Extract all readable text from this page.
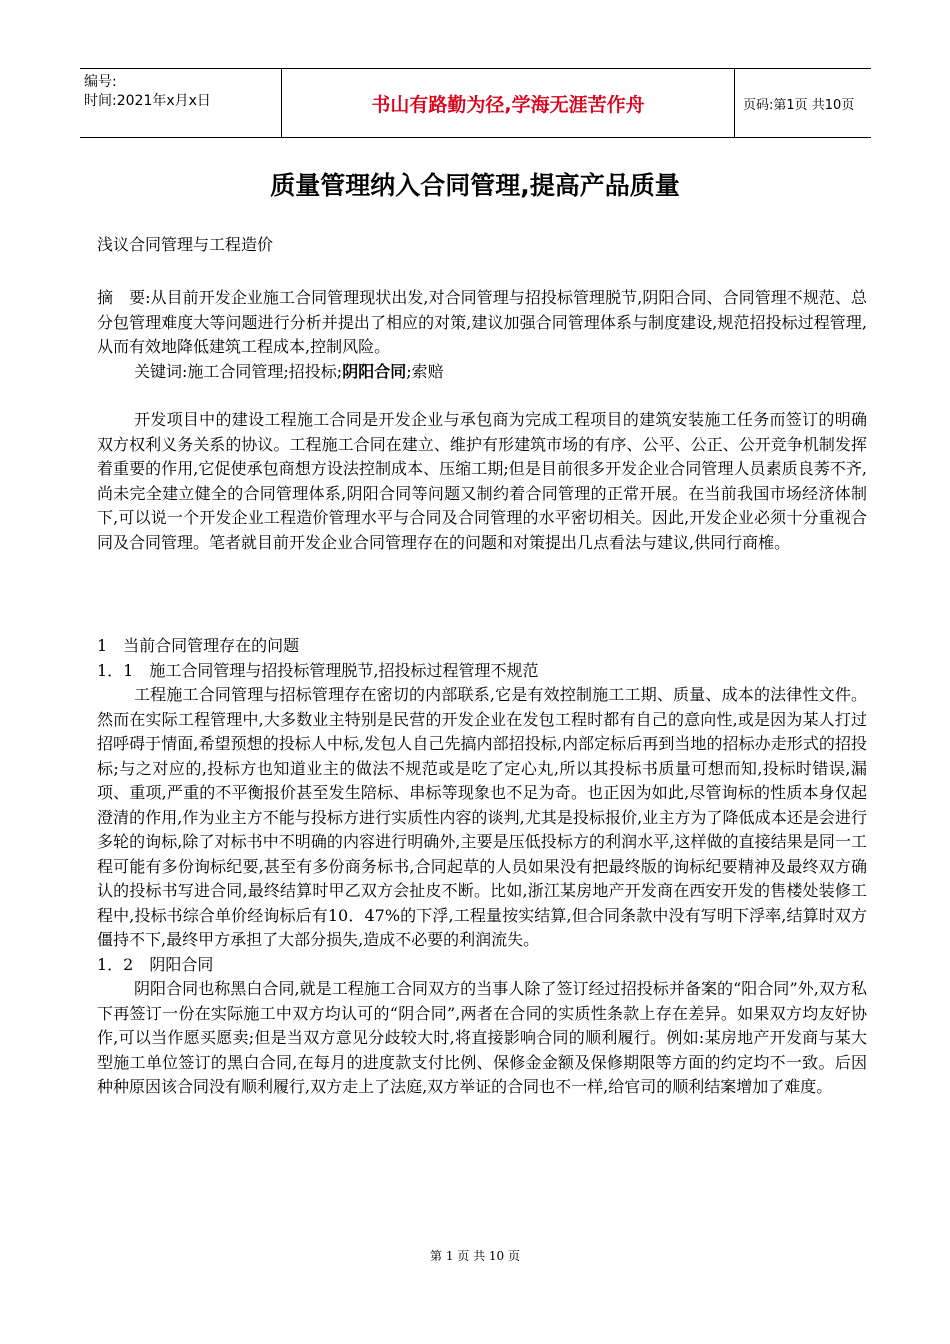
编号:
时间:2021年x月x日	书山有路勤为径,学海无涯苦作舟	页码:第1页 共10页
质量管理纳入合同管理,提高产品质量
浅议合同管理与工程造价

摘　要:从目前开发企业施工合同管理现状出发,对合同管理与招投标管理脱节,阴阳合同、合同管理不规范、总分包管理难度大等问题进行分析并提出了相应的对策,建议加强合同管理体系与制度建设,规范招投标过程管理,从而有效地降低建筑工程成本,控制风险。

关键词:施工合同管理;招投标;阴阳合同;索赔

开发项目中的建设工程施工合同是开发企业与承包商为完成工程项目的建筑安装施工任务而签订的明确双方权利义务关系的协议。工程施工合同在建立、维护有形建筑市场的有序、公平、公正、公开竞争机制发挥着重要的作用,它促使承包商想方设法控制成本、压缩工期;但是目前很多开发企业合同管理人员素质良莠不齐,尚未完全建立健全的合同管理体系,阴阳合同等问题又制约着合同管理的正常开展。在当前我国市场经济体制下,可以说一个开发企业工程造价管理水平与合同及合同管理的水平密切相关。因此,开发企业必须十分重视合同及合同管理。笔者就目前开发企业合同管理存在的问题和对策提出几点看法与建议,供同行商榷。

1　当前合同管理存在的问题

1．1　施工合同管理与招投标管理脱节,招投标过程管理不规范

工程施工合同管理与招标管理存在密切的内部联系,它是有效控制施工工期、质量、成本的法律性文件。然而在实际工程管理中,大多数业主特别是民营的开发企业在发包工程时都有自己的意向性,或是因为某人打过招呼碍于情面,希望预想的投标人中标,发包人自己先搞内部招投标,内部定标后再到当地的招标办走形式的招投标;与之对应的,投标方也知道业主的做法不规范或是吃了定心丸,所以其投标书质量可想而知,投标时错误,漏项、重项,严重的不平衡报价甚至发生陪标、串标等现象也不足为奇。也正因为如此,尽管询标的性质本身仅起澄清的作用,作为业主方不能与投标方进行实质性内容的谈判,尤其是投标报价,业主方为了降低成本还是会进行多轮的询标,除了对标书中不明确的内容进行明确外,主要是压低投标方的利润水平,这样做的直接结果是同一工程可能有多份询标纪要,甚至有多份商务标书,合同起草的人员如果没有把最终版的询标纪要精神及最终双方确认的投标书写进合同,最终结算时甲乙双方会扯皮不断。比如,浙江某房地产开发商在西安开发的售楼处装修工程中,投标书综合单价经询标后有10．47%的下浮,工程量按实结算,但合同条款中没有写明下浮率,结算时双方僵持不下,最终甲方承担了大部分损失,造成不必要的利润流失。

1．2　阴阳合同

阴阳合同也称黑白合同,就是工程施工合同双方的当事人除了签订经过招投标并备案的“阳合同”外,双方私下再签订一份在实际施工中双方均认可的“阴合同”,两者在合同的实质性条款上存在差异。如果双方均友好协作,可以当作愿买愿卖;但是当双方意见分歧较大时,将直接影响合同的顺利履行。例如:某房地产开发商与某大型施工单位签订的黑白合同,在每月的进度款支付比例、保修金金额及保修期限等方面的约定均不一致。后因种种原因该合同没有顺利履行,双方走上了法庭,双方举证的合同也不一样,给官司的顺利结案增加了难度。

第 1 页 共 10 页
